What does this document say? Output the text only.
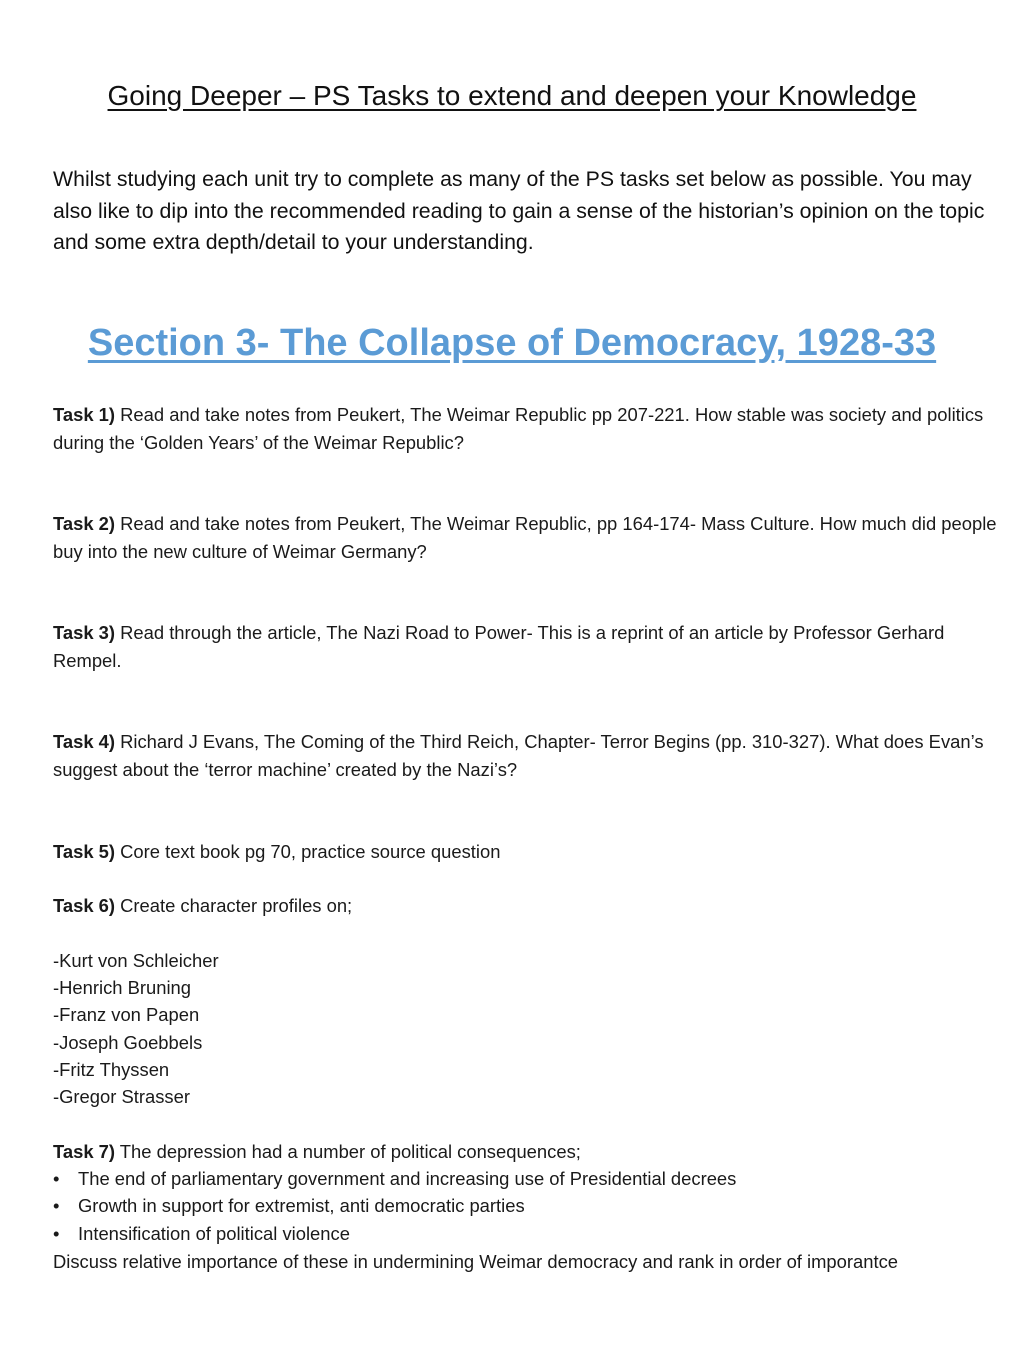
Going Deeper – PS Tasks to extend and deepen your Knowledge
Whilst studying each unit try to complete as many of the PS tasks set below as possible. You may also like to dip into the recommended reading to gain a sense of the historian’s opinion on the topic and some extra depth/detail to your understanding.
Section 3- The Collapse of Democracy, 1928-33
Task 1) Read and take notes from Peukert, The Weimar Republic pp 207-221. How stable was society and politics during the ‘Golden Years’ of the Weimar Republic?
Task 2) Read and take notes from Peukert, The Weimar Republic, pp 164-174- Mass Culture. How much did people buy into the new culture of Weimar Germany?
Task 3) Read through the article, The Nazi Road to Power- This is a reprint of an article by Professor Gerhard Rempel.
Task 4) Richard J Evans, The Coming of the Third Reich, Chapter- Terror Begins (pp. 310-327). What does Evan’s suggest about the ‘terror machine’ created by the Nazi’s?
Task 5) Core text book pg 70, practice source question
Task 6) Create character profiles on;
-Kurt von Schleicher
-Henrich Bruning
-Franz von Papen
-Joseph Goebbels
-Fritz Thyssen
-Gregor Strasser
Task 7) The depression had a number of political consequences;
• The end of parliamentary government and increasing use of Presidential decrees
• Growth in support for extremist, anti democratic parties
• Intensification of political violence
Discuss relative importance of these in undermining Weimar democracy and rank in order of imporantce
